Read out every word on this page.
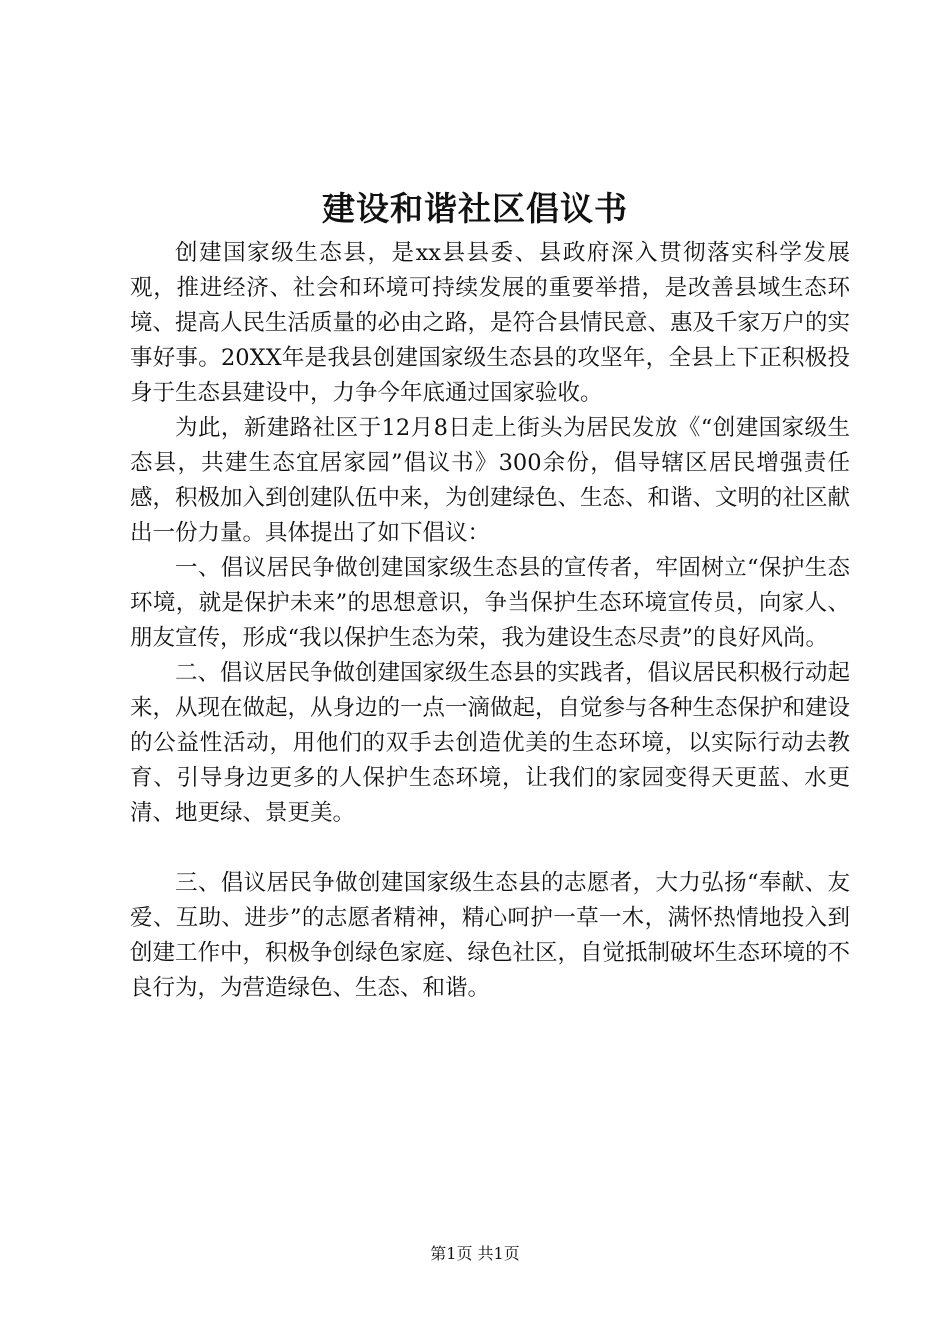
建设和谐社区倡议书

创建国家级生态县，是xx县县委、县政府深入贯彻落实科学发展观，推进经济、社会和环境可持续发展的重要举措，是改善县域生态环境、提高人民生活质量的必由之路，是符合县情民意、惠及千家万户的实事好事。20XX年是我县创建国家级生态县的攻坚年，全县上下正积极投身于生态县建设中，力争今年底通过国家验收。

为此，新建路社区于12月8日走上街头为居民发放《“创建国家级生态县，共建生态宜居家园”倡议书》300余份，倡导辖区居民增强责任感，积极加入到创建队伍中来，为创建绿色、生态、和谐、文明的社区献出一份力量。具体提出了如下倡议：

一、倡议居民争做创建国家级生态县的宣传者，牢固树立“保护生态环境，就是保护未来”的思想意识，争当保护生态环境宣传员，向家人、朋友宣传，形成“我以保护生态为荣，我为建设生态尽责”的良好风尚。

二、倡议居民争做创建国家级生态县的实践者，倡议居民积极行动起来，从现在做起，从身边的一点一滴做起，自觉参与各种生态保护和建设的公益性活动，用他们的双手去创造优美的生态环境，以实际行动去教育、引导身边更多的人保护生态环境，让我们的家园变得天更蓝、水更清、地更绿、景更美。

三、倡议居民争做创建国家级生态县的志愿者，大力弘扬“奉献、友爱、互助、进步”的志愿者精神，精心呵护一草一木，满怀热情地投入到创建工作中，积极争创绿色家庭、绿色社区，自觉抵制破坏生态环境的不良行为，为营造绿色、生态、和谐。

第1页 共1页
